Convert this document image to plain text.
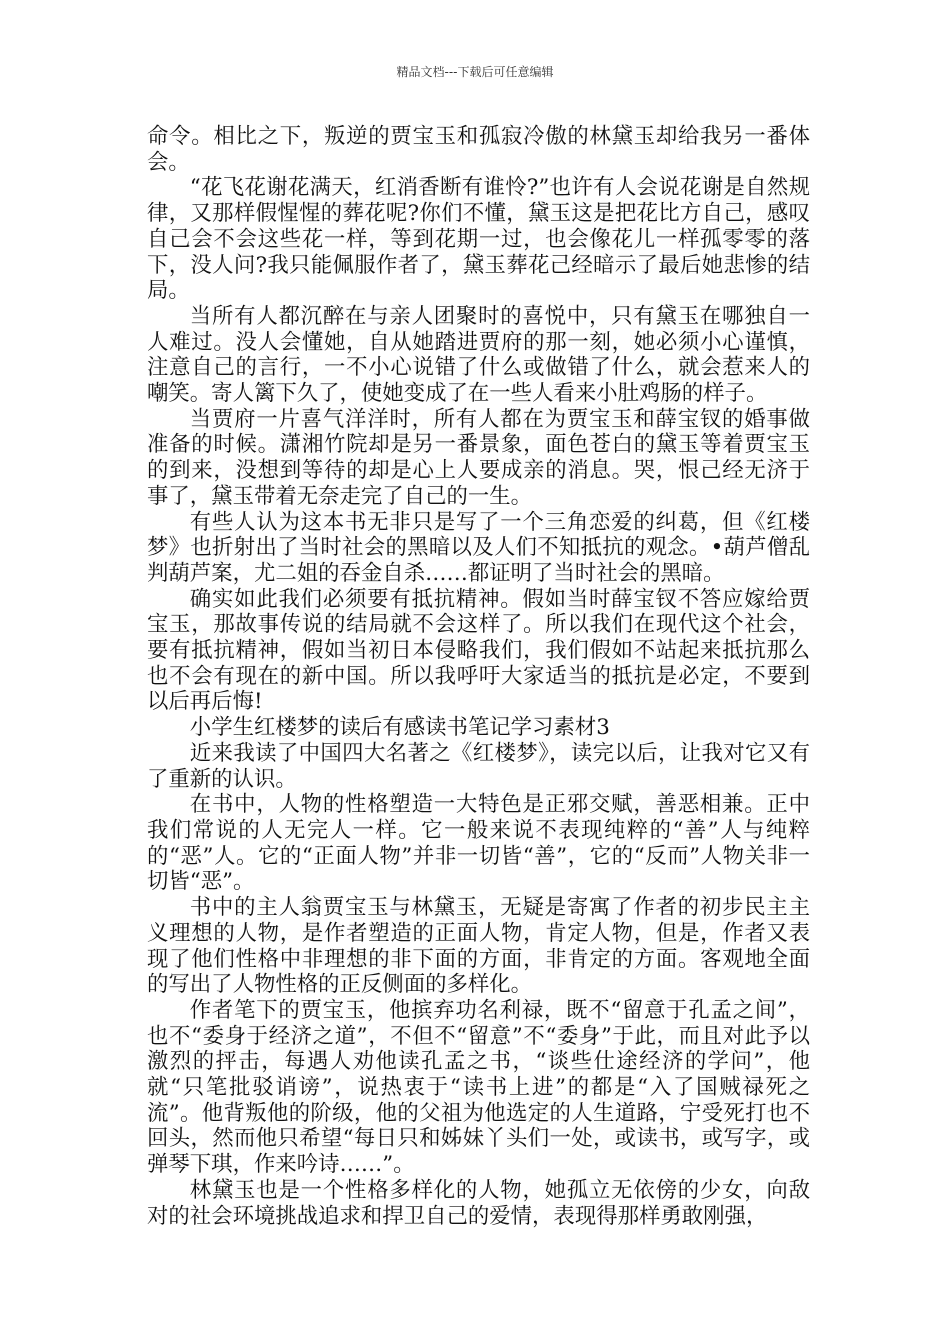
精品文档---下载后可任意编辑

命令。相比之下，叛逆的贾宝玉和孤寂冷傲的林黛玉却给我另一番体会。

“花飞花谢花满天，红消香断有谁怜?”也许有人会说花谢是自然规律，又那样假惺惺的葬花呢?你们不懂，黛玉这是把花比方自己，感叹自己会不会这些花一样，等到花期一过，也会像花儿一样孤零零的落下，没人问?我只能佩服作者了，黛玉葬花己经暗示了最后她悲惨的结局。

当所有人都沉醉在与亲人团聚时的喜悦中，只有黛玉在哪独自一人难过。没人会懂她，自从她踏进贾府的那一刻，她必须小心谨慎，注意自己的言行，一不小心说错了什么或做错了什么，就会惹来人的嘲笑。寄人篱下久了，使她变成了在一些人看来小肚鸡肠的样子。

当贾府一片喜气洋洋时，所有人都在为贾宝玉和薛宝钗的婚事做准备的时候。潇湘竹院却是另一番景象，面色苍白的黛玉等着贾宝玉的到来，没想到等待的却是心上人要成亲的消息。哭，恨己经无济于事了，黛玉带着无奈走完了自己的一生。

有些人认为这本书无非只是写了一个三角恋爱的纠葛，但《红楼梦》也折射出了当时社会的黑暗以及人们不知抵抗的观念。•葫芦僧乱判葫芦案，尤二姐的吞金自杀……都证明了当时社会的黑暗。

确实如此我们必须要有抵抗精神。假如当时薛宝钗不答应嫁给贾宝玉，那故事传说的结局就不会这样了。所以我们在现代这个社会，要有抵抗精神，假如当初日本侵略我们，我们假如不站起来抵抗那么也不会有现在的新中国。所以我呼吁大家适当的抵抗是必定，不要到以后再后悔!

小学生红楼梦的读后有感读书笔记学习素材3

近来我读了中国四大名著之《红楼梦》，读完以后，让我对它又有了重新的认识。

在书中，人物的性格塑造一大特色是正邪交赋，善恶相兼。正中我们常说的人无完人一样。它一般来说不表现纯粹的“善”人与纯粹的“恶”人。它的“正面人物”并非一切皆“善”，它的“反而”人物关非一切皆“恶”。

书中的主人翁贾宝玉与林黛玉，无疑是寄寓了作者的初步民主主义理想的人物，是作者塑造的正面人物，肯定人物，但是，作者又表现了他们性格中非理想的非下面的方面，非肯定的方面。客观地全面的写出了人物性格的正反侧面的多样化。

作者笔下的贾宝玉，他摈弃功名利禄，既不“留意于孔孟之间”，也不“委身于经济之道”，不但不“留意”不“委身”于此，而且对此予以激烈的抨击，每遇人劝他读孔孟之书，“谈些仕途经济的学问”，他就“只笔批驳诮谤”，说热衷于“读书上进”的都是“入了国贼禄死之流”。他背叛他的阶级，他的父祖为他选定的人生道路，宁受死打也不回头，然而他只希望“每日只和姊妹丫头们一处，或读书，或写字，或弹琴下琪，作来吟诗……”。

林黛玉也是一个性格多样化的人物，她孤立无依傍的少女，向敌对的社会环境挑战追求和捍卫自己的爱情，表现得那样勇敢刚强，
